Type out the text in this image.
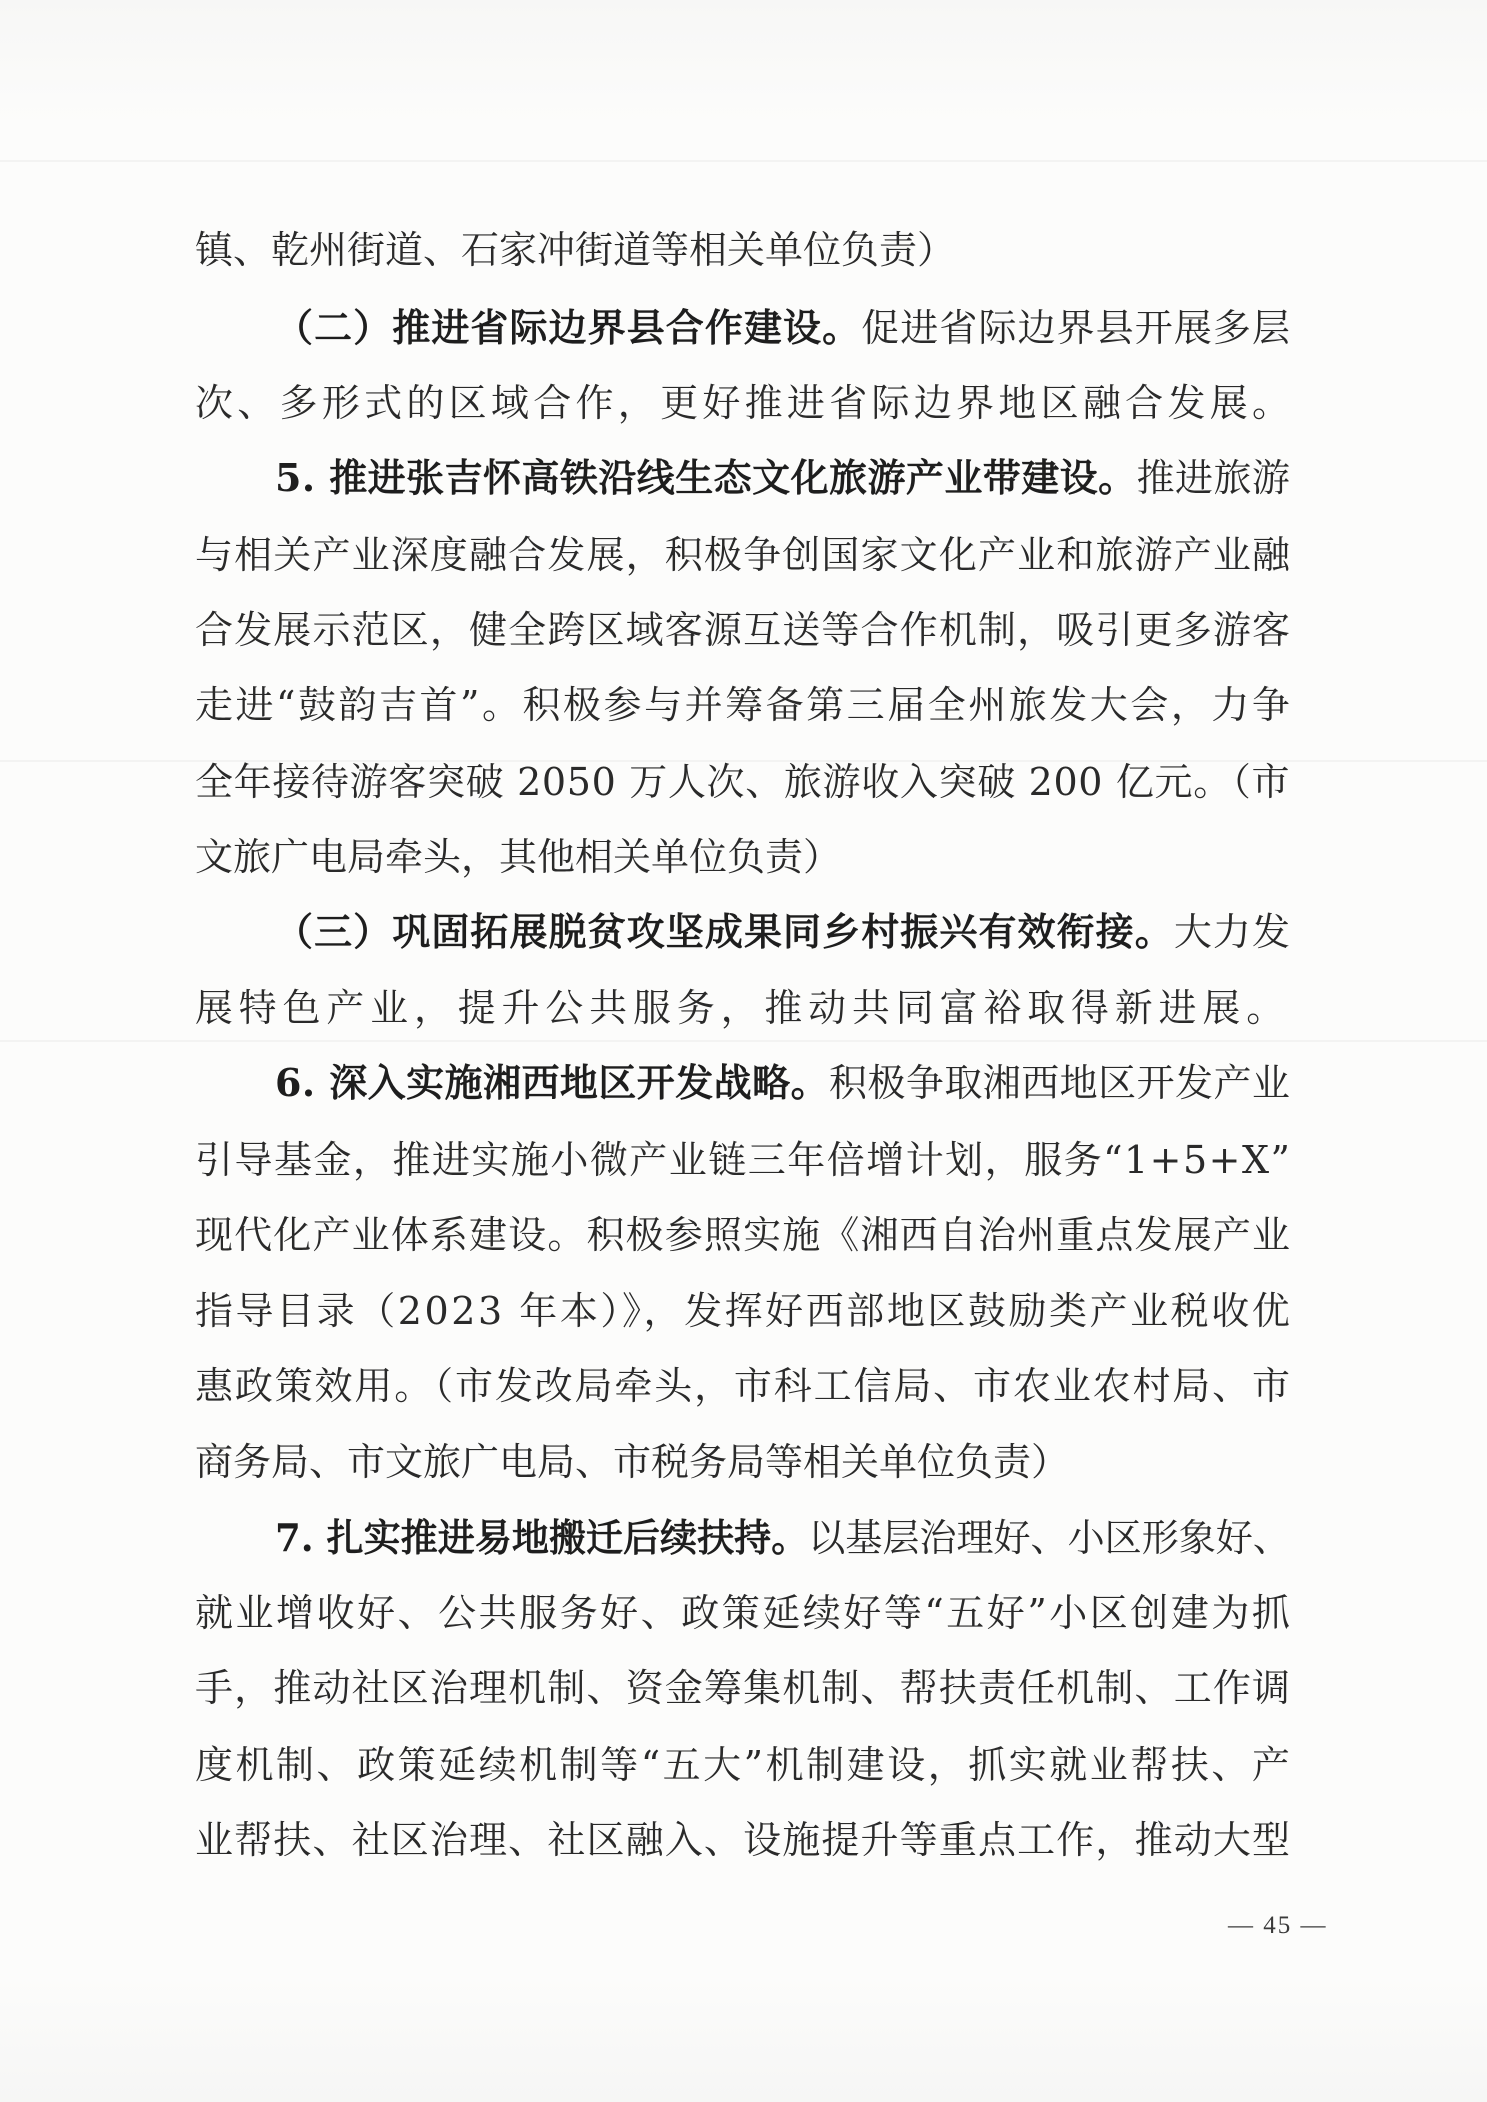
镇、乾州街道、石家冲街道等相关单位负责）
（二）推进省际边界县合作建设。促进省际边界县开展多层
次、多形式的区域合作，更好推进省际边界地区融合发展。
5. 推进张吉怀高铁沿线生态文化旅游产业带建设。推进旅游
与相关产业深度融合发展，积极争创国家文化产业和旅游产业融
合发展示范区，健全跨区域客源互送等合作机制，吸引更多游客
走进“鼓韵吉首”。积极参与并筹备第三届全州旅发大会，力争
全年接待游客突破 2050 万人次、旅游收入突破 200 亿元。（市
文旅广电局牵头，其他相关单位负责）
（三）巩固拓展脱贫攻坚成果同乡村振兴有效衔接。大力发
展特色产业，提升公共服务，推动共同富裕取得新进展。
6. 深入实施湘西地区开发战略。积极争取湘西地区开发产业
引导基金，推进实施小微产业链三年倍增计划，服务“1+5+X”
现代化产业体系建设。积极参照实施《湘西自治州重点发展产业
指导目录（2023 年本）》，发挥好西部地区鼓励类产业税收优
惠政策效用。（市发改局牵头，市科工信局、市农业农村局、市
商务局、市文旅广电局、市税务局等相关单位负责）
7. 扎实推进易地搬迁后续扶持。以基层治理好、小区形象好、
就业增收好、公共服务好、政策延续好等“五好”小区创建为抓
手，推动社区治理机制、资金筹集机制、帮扶责任机制、工作调
度机制、政策延续机制等“五大”机制建设，抓实就业帮扶、产
业帮扶、社区治理、社区融入、设施提升等重点工作，推动大型
— 45 —
